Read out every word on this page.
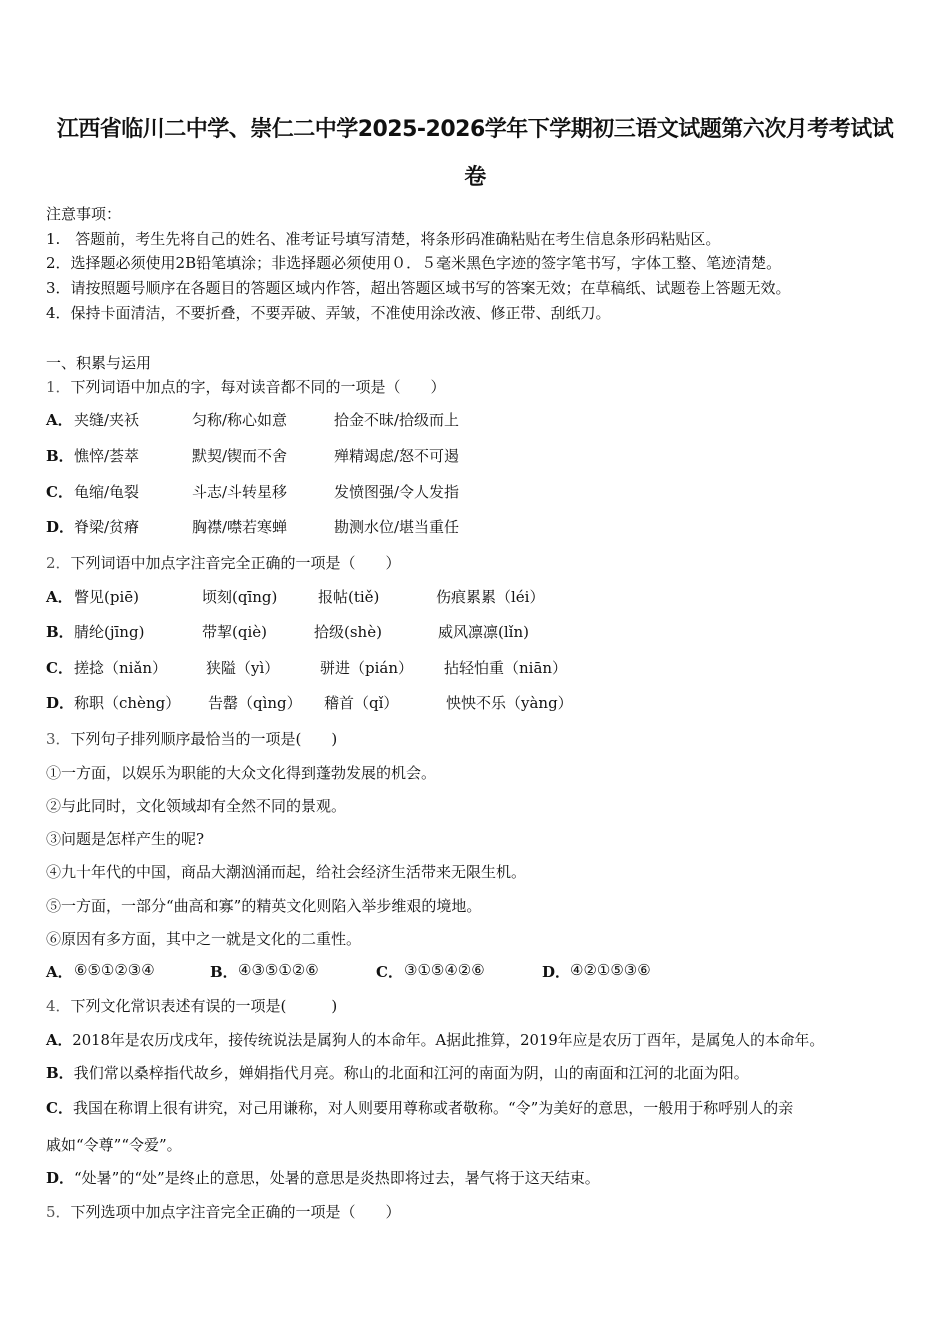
江西省临川二中学、崇仁二中学2025-2026学年下学期初三语文试题第六次月考考试试
卷
注意事项：
1.　答题前，考生先将自己的姓名、准考证号填写清楚，将条形码准确粘贴在考生信息条形码粘贴区。
2．选择题必须使用2B铅笔填涂；非选择题必须使用０．５毫米黑色字迹的签字笔书写，字体工整、笔迹清楚。
3．请按照题号顺序在各题目的答题区域内作答，超出答题区域书写的答案无效；在草稿纸、试题卷上答题无效。
4．保持卡面清洁，不要折叠，不要弄破、弄皱，不准使用涂改液、修正带、刮纸刀。
一、积累与运用
1．下列词语中加点的字，每对读音都不同的一项是（　　）
A． 夹缝/夹袄	匀称/称心如意	拾金不昧/拾级而上
B． 憔悴/荟萃	默契/锲而不舍	殚精竭虑/怒不可遏
C． 龟缩/龟裂	斗志/斗转星移	发愤图强/令人发指
D． 脊梁/贫瘠	胸襟/噤若寒蝉	勘测水位/堪当重任
2．下列词语中加点字注音完全正确的一项是（　　）
A． 瞥见(piē)	顷刻(qīng)	报帖(tiě)	伤痕累累（léi）
B． 腈纶(jīng)	带挈(qiè)	拾级(shè)	威风凛凛(lǐn)
C． 搓捻（niǎn）	狭隘（yì）	骈进（pián） 拈轻怕重（niān）
D． 称职（chèng） 告罄（qìng） 稽首（qǐ）	怏怏不乐（yàng）
3．下列句子排列顺序最恰当的一项是(　　)
①一方面，以娱乐为职能的大众文化得到蓬勃发展的机会。
②与此同时，文化领域却有全然不同的景观。
③问题是怎样产生的呢?
④九十年代的中国，商品大潮汹涌而起，给社会经济生活带来无限生机。
⑤一方面，一部分“曲高和寡”的精英文化则陷入举步维艰的境地。
⑥原因有多方面，其中之一就是文化的二重性。
A． ⑥⑤①②③④	B． ④③⑤①②⑥	C． ③①⑤④②⑥	D． ④②①⑤③⑥
4．下列文化常识表述有误的一项是(　　　)
A．2018年是农历戊戌年，接传统说法是属狗人的本命年。A据此推算，2019年应是农历丁酉年，是属兔人的本命年。
B．我们常以桑梓指代故乡，婵娟指代月亮。称山的北面和江河的南面为阴，山的南面和江河的北面为阳。
C．我国在称谓上很有讲究，对己用谦称，对人则要用尊称或者敬称。“令”为美好的意思，一般用于称呼别人的亲
戚如“令尊”“令爱”。
D．“处暑”的“处”是终止的意思，处暑的意思是炎热即将过去，暑气将于这天结束。
5．下列选项中加点字注音完全正确的一项是（　　）
